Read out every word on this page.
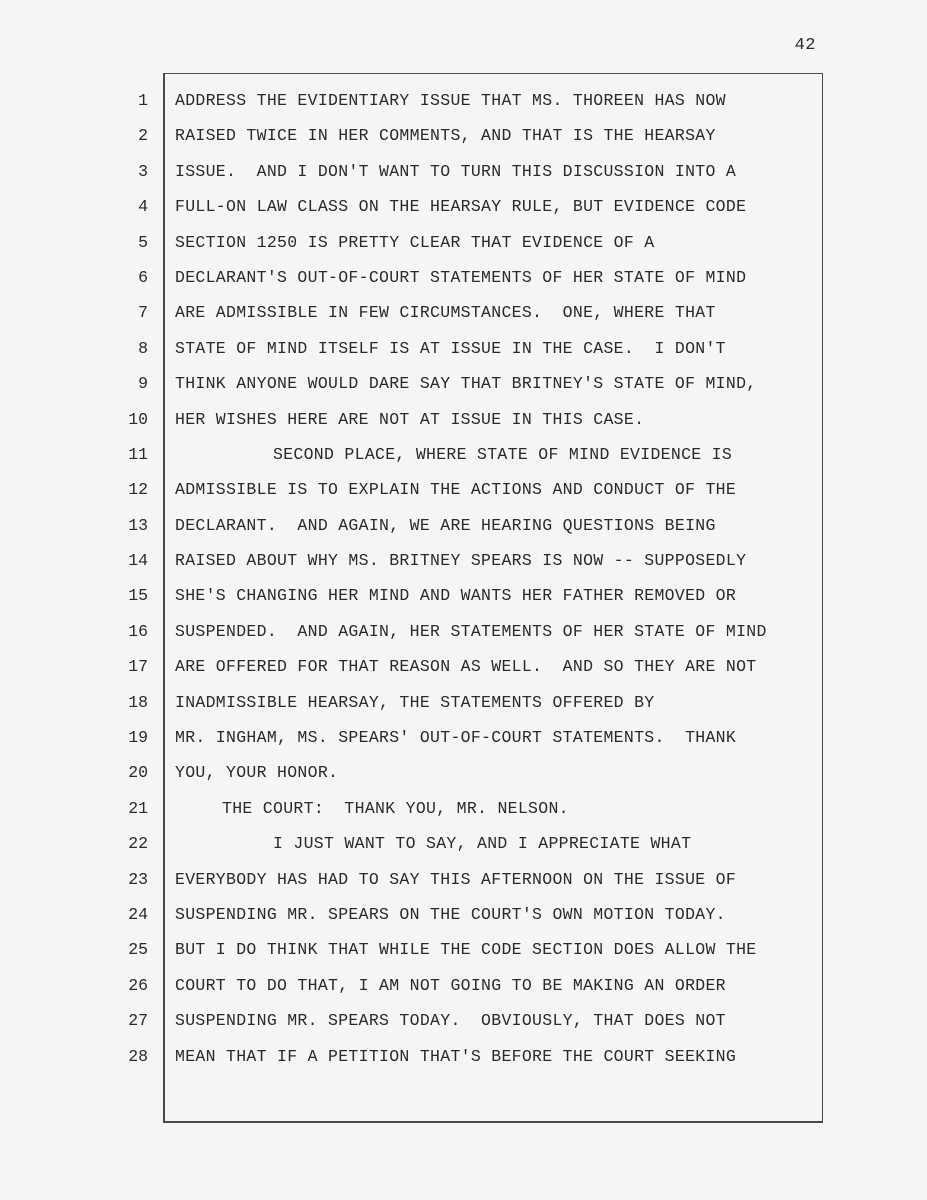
42
1 ADDRESS THE EVIDENTIARY ISSUE THAT MS. THOREEN HAS NOW
2 RAISED TWICE IN HER COMMENTS, AND THAT IS THE HEARSAY
3 ISSUE.  AND I DON'T WANT TO TURN THIS DISCUSSION INTO A
4 FULL-ON LAW CLASS ON THE HEARSAY RULE, BUT EVIDENCE CODE
5 SECTION 1250 IS PRETTY CLEAR THAT EVIDENCE OF A
6 DECLARANT'S OUT-OF-COURT STATEMENTS OF HER STATE OF MIND
7 ARE ADMISSIBLE IN FEW CIRCUMSTANCES.  ONE, WHERE THAT
8 STATE OF MIND ITSELF IS AT ISSUE IN THE CASE.  I DON'T
9 THINK ANYONE WOULD DARE SAY THAT BRITNEY'S STATE OF MIND,
10 HER WISHES HERE ARE NOT AT ISSUE IN THIS CASE.
11	SECOND PLACE, WHERE STATE OF MIND EVIDENCE IS
12 ADMISSIBLE IS TO EXPLAIN THE ACTIONS AND CONDUCT OF THE
13 DECLARANT.  AND AGAIN, WE ARE HEARING QUESTIONS BEING
14 RAISED ABOUT WHY MS. BRITNEY SPEARS IS NOW -- SUPPOSEDLY
15 SHE'S CHANGING HER MIND AND WANTS HER FATHER REMOVED OR
16 SUSPENDED.  AND AGAIN, HER STATEMENTS OF HER STATE OF MIND
17 ARE OFFERED FOR THAT REASON AS WELL.  AND SO THEY ARE NOT
18 INADMISSIBLE HEARSAY, THE STATEMENTS OFFERED BY
19 MR. INGHAM, MS. SPEARS' OUT-OF-COURT STATEMENTS.  THANK
20 YOU, YOUR HONOR.
21	THE COURT:  THANK YOU, MR. NELSON.
22	I JUST WANT TO SAY, AND I APPRECIATE WHAT
23 EVERYBODY HAS HAD TO SAY THIS AFTERNOON ON THE ISSUE OF
24 SUSPENDING MR. SPEARS ON THE COURT'S OWN MOTION TODAY.
25 BUT I DO THINK THAT WHILE THE CODE SECTION DOES ALLOW THE
26 COURT TO DO THAT, I AM NOT GOING TO BE MAKING AN ORDER
27 SUSPENDING MR. SPEARS TODAY.  OBVIOUSLY, THAT DOES NOT
28 MEAN THAT IF A PETITION THAT'S BEFORE THE COURT SEEKING
